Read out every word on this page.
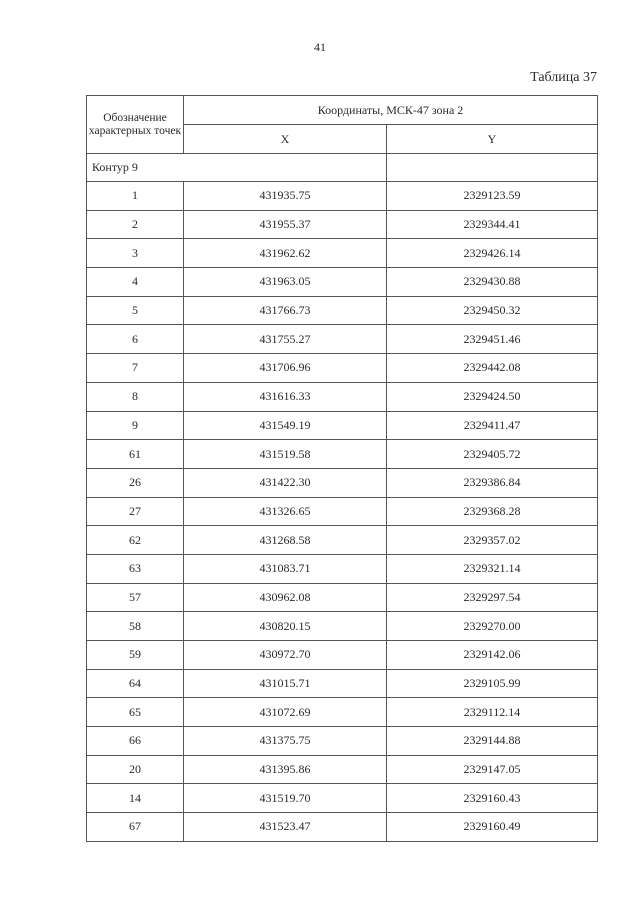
41
Таблица 37
Обозначение характерных точек	Координаты, МСК-47 зона 2	
	X	Y
Контур 9		
1	431935.75	2329123.59
2	431955.37	2329344.41
3	431962.62	2329426.14
4	431963.05	2329430.88
5	431766.73	2329450.32
6	431755.27	2329451.46
7	431706.96	2329442.08
8	431616.33	2329424.50
9	431549.19	2329411.47
61	431519.58	2329405.72
26	431422.30	2329386.84
27	431326.65	2329368.28
62	431268.58	2329357.02
63	431083.71	2329321.14
57	430962.08	2329297.54
58	430820.15	2329270.00
59	430972.70	2329142.06
64	431015.71	2329105.99
65	431072.69	2329112.14
66	431375.75	2329144.88
20	431395.86	2329147.05
14	431519.70	2329160.43
67	431523.47	2329160.49
